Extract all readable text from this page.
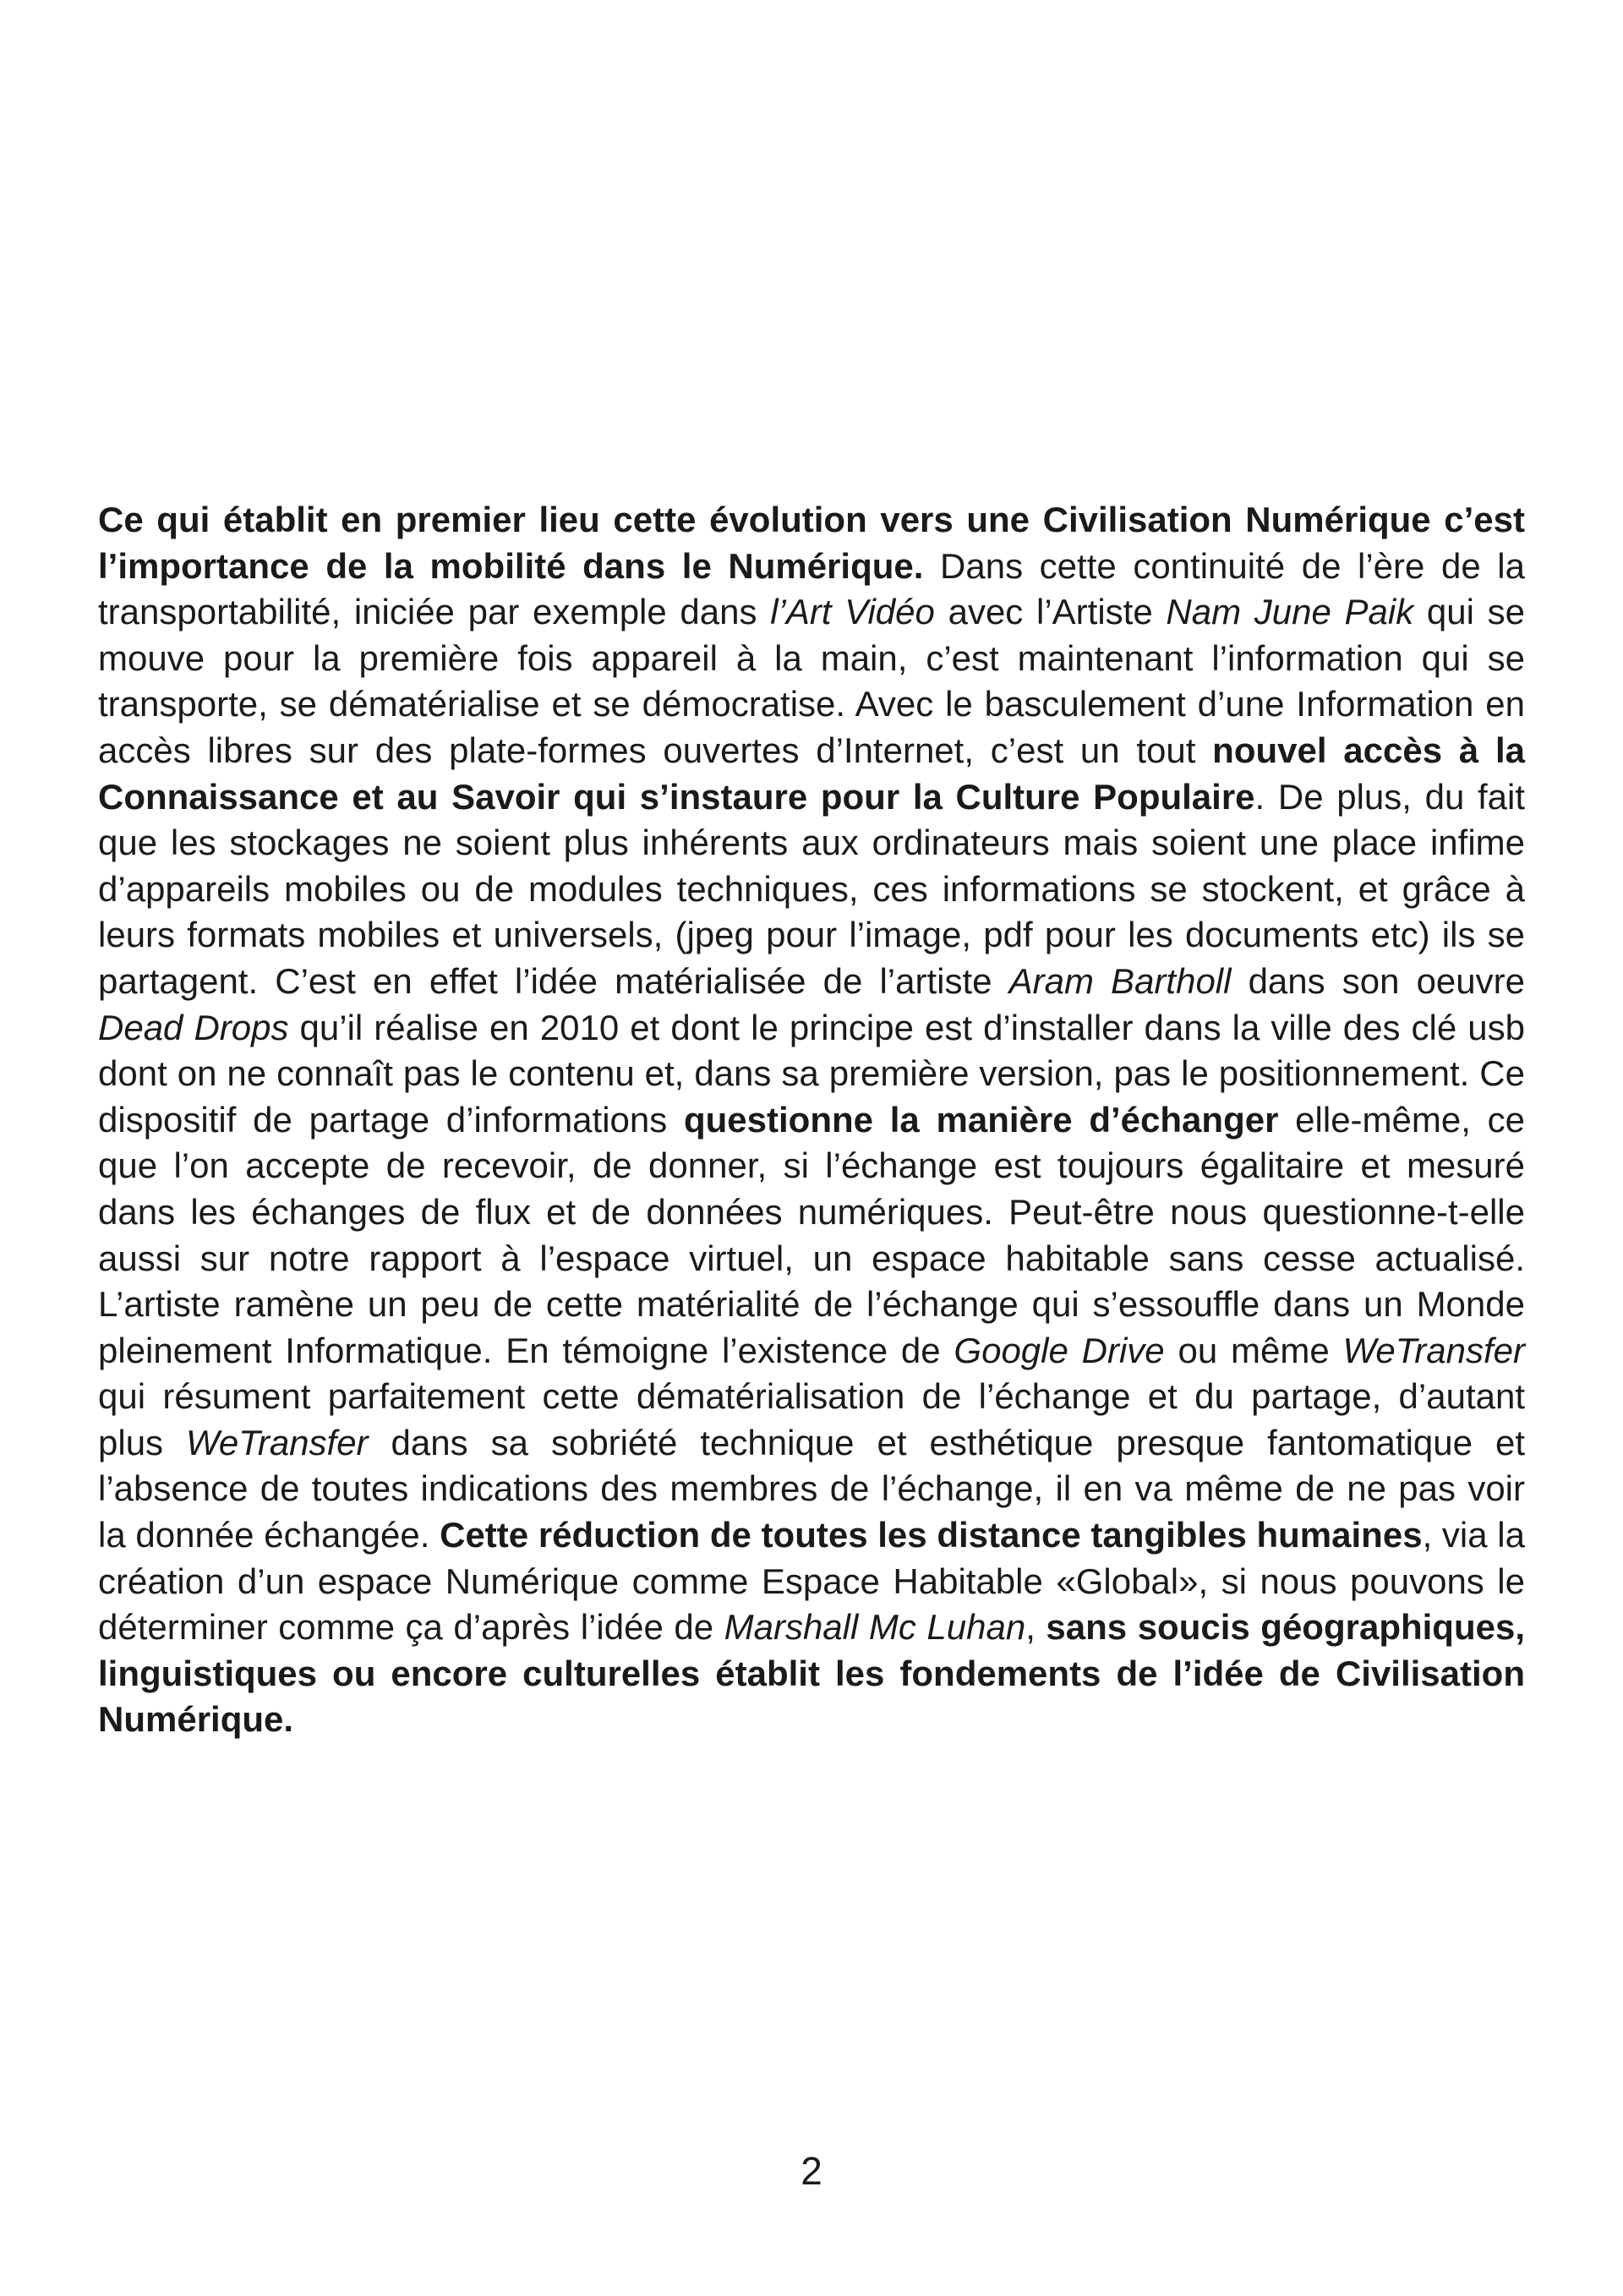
Ce qui établit en premier lieu cette évolution vers une Civilisation Numérique c’est l’importance de la mobilité dans le Numérique. Dans cette continuité de l’ère de la transportabilité, iniciée par exemple dans l’Art Vidéo avec l’Artiste Nam June Paik qui se mouve pour la première fois appareil à la main, c’est maintenant l’information qui se transporte, se dématérialise et se démocratise. Avec le basculement d’une Information en accès libres sur des plate-formes ouvertes d’Internet, c’est un tout nouvel accès à la Connaissance et au Savoir qui s’instaure pour la Culture Populaire. De plus, du fait que les stockages ne soient plus inhérents aux ordinateurs mais soient une place infime d’appareils mobiles ou de modules techniques, ces informations se stockent, et grâce à leurs formats mobiles et universels, (jpeg pour l’image, pdf pour les documents etc) ils se partagent. C’est en effet l’idée matérialisée de l’artiste Aram Bartholl dans son oeuvre Dead Drops qu’il réalise en 2010 et dont le principe est d’installer dans la ville des clé usb dont on ne connaît pas le contenu et, dans sa première version, pas le positionnement. Ce dispositif de partage d’informations questionne la manière d’échanger elle-même, ce que l’on accepte de recevoir, de donner, si l’échange est toujours égalitaire et mesuré dans les échanges de flux et de données numériques. Peut-être nous questionne-t-elle aussi sur notre rapport à l’espace virtuel, un espace habitable sans cesse actualisé. L’artiste ramène un peu de cette matérialité de l’échange qui s’essouffle dans un Monde pleinement Informatique. En témoigne l’existence de Google Drive ou même WeTransfer qui résument parfaitement cette dématérialisation de l’échange et du partage, d’autant plus WeTransfer dans sa sobriété technique et esthétique presque fantomatique et l’absence de toutes indications des membres de l’échange, il en va même de ne pas voir la donnée échangée. Cette réduction de toutes les distance tangibles humaines, via la création d’un espace Numérique comme Espace Habitable «Global», si nous pouvons le déterminer comme ça d’après l’idée de Marshall Mc Luhan, sans soucis géographiques, linguistiques ou encore culturelles établit les fondements de l’idée de Civilisation Numérique.

2
